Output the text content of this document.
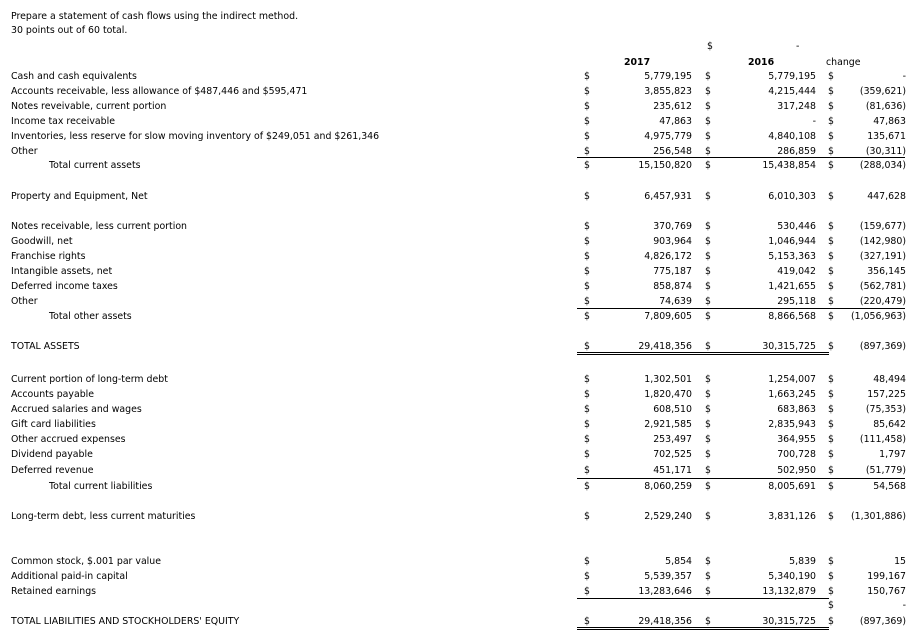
Prepare a statement of cash flows using the indirect method.
30 points out of 60 total.
$	-
2017	2016	change
Cash and cash equivalents	$	5,779,195 $	5,779,195 $	-
Accounts receivable, less allowance of $487,446 and $595,471	$	3,855,823 $	4,215,444 $	(359,621)
Notes reveivable, current portion	$	235,612 $	317,248 $	(81,636)
Income tax receivable	$	47,863 $	- $	47,863
Inventories, less reserve for slow moving inventory of $249,051 and $261,346	$	4,975,779 $	4,840,108 $	135,671
Other	$	256,548 $	286,859 $	(30,311)
Total current assets	$	15,150,820 $	15,438,854 $	(288,034)
Property and Equipment, Net	$	6,457,931 $	6,010,303 $	447,628
Notes receivable, less current portion	$	370,769 $	530,446 $	(159,677)
Goodwill, net	$	903,964 $	1,046,944 $	(142,980)
Franchise rights	$	4,826,172 $	5,153,363 $	(327,191)
Intangible assets, net	$	775,187 $	419,042 $	356,145
Deferred income taxes	$	858,874 $	1,421,655 $	(562,781)
Other	$	74,639 $	295,118 $	(220,479)
Total other assets	$	7,809,605 $	8,866,568 $ (1,056,963)
TOTAL ASSETS	$	29,418,356 $	30,315,725 $	(897,369)
Current portion of long-term debt	$	1,302,501 $	1,254,007 $	48,494
Accounts payable	$	1,820,470 $	1,663,245 $	157,225
Accrued salaries and wages	$	608,510 $	683,863 $	(75,353)
Gift card liabilities	$	2,921,585 $	2,835,943 $	85,642
Other accrued expenses	$	253,497 $	364,955 $	(111,458)
Dividend payable	$	702,525 $	700,728 $	1,797
Deferred revenue	$	451,171 $	502,950 $	(51,779)
Total current liabilities	$	8,060,259 $	8,005,691 $	54,568
Long-term debt, less current maturities	$	2,529,240 $	3,831,126 $ (1,301,886)
Common stock, $.001 par value	$	5,854 $	5,839 $	15
Additional paid-in capital	$	5,539,357 $	5,340,190 $	199,167
Retained earnings	$	13,283,646 $	13,132,879 $	150,767
$	-
TOTAL LIABILITIES AND STOCKHOLDERS' EQUITY	$	29,418,356 $	30,315,725 $	(897,369)
